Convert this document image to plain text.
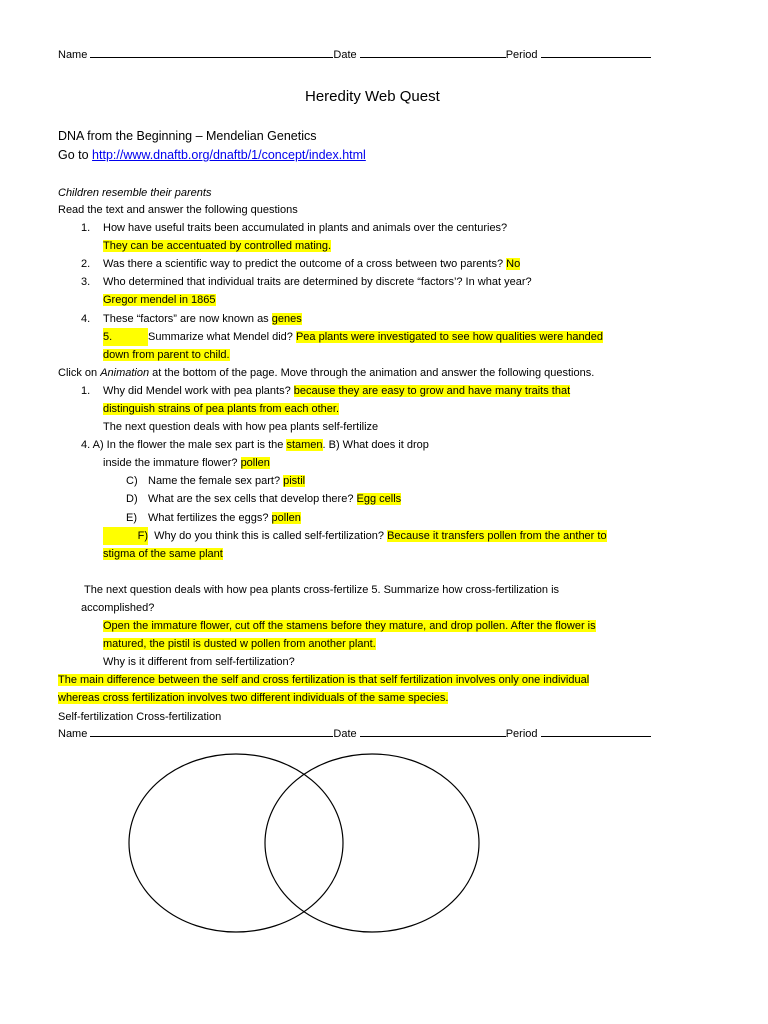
Name	Date	Period
Heredity Web Quest
DNA from the Beginning – Mendelian Genetics
Go to http://www.dnaftb.org/dnaftb/1/concept/index.html
Children resemble their parents
Read the text and answer the following questions
1. How have useful traits been accumulated in plants and animals over the centuries?
They can be accentuated by controlled mating.
2. Was there a scientific way to predict the outcome of a cross between two parents? No
3. Who determined that individual traits are determined by discrete “factors’? In what year?
Gregor mendel in 1865
4. These “factors” are now known as genes
5.	Summarize what Mendel did? Pea plants were investigated to see how qualities were handed
down from parent to child.
Click on Animation at the bottom of the page. Move through the animation and answer the following questions.
1. Why did Mendel work with pea plants? because they are easy to grow and have many traits that
distinguish strains of pea plants from each other.
The next question deals with how pea plants self-fertilize
4. A) In the flower the male sex part is the stamen. B) What does it drop
inside the immature flower? pollen
C) Name the female sex part? pistil
D) What are the sex cells that develop there? Egg cells
E) What fertilizes the eggs? pollen
F) Why do you think this is called self-fertilization? Because it transfers pollen from the anther to
stigma of the same plant
The next question deals with how pea plants cross-fertilize 5. Summarize how cross-fertilization is
accomplished?
Open the immature flower, cut off the stamens before they mature, and drop pollen. After the flower is
matured, the pistil is dusted w pollen from another plant.
Why is it different from self-fertilization?
The main difference between the self and cross fertilization is that self fertilization involves only one individual
whereas cross fertilization involves two different individuals of the same species.
Self-fertilization Cross-fertilization
Name	Date	Period
